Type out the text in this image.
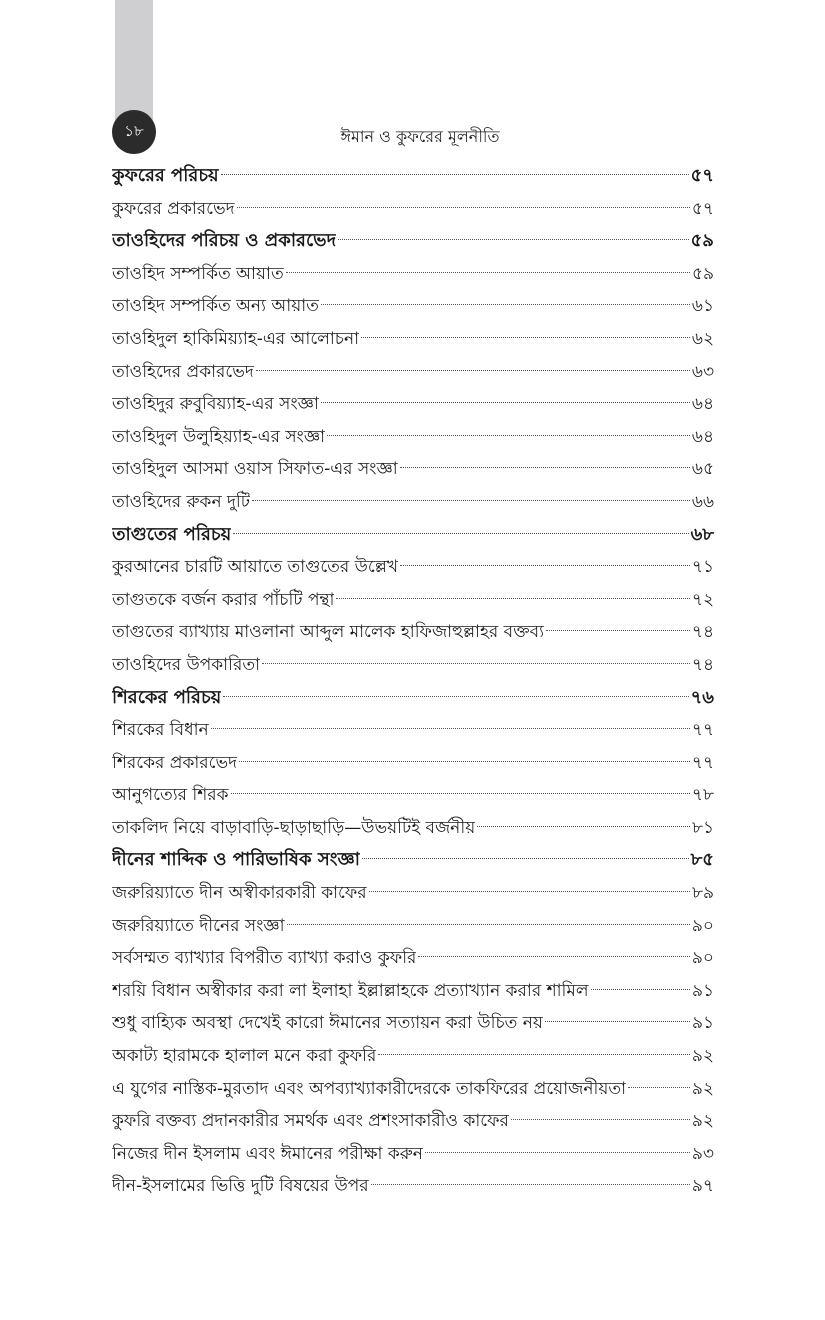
১৮	ঈমান ও কুফরের মূলনীতি
কুফরের পরিচয়	৫৭
কুফরের প্রকারভেদ	৫৭
তাওহিদের পরিচয় ও প্রকারভেদ	৫৯
তাওহিদ সম্পর্কিত আয়াত	৫৯
তাওহিদ সম্পর্কিত অন্য আয়াত	৬১
তাওহিদুল হাকিমিয়্যাহ-এর আলোচনা	৬২
তাওহিদের প্রকারভেদ	৬৩
তাওহিদুর রুবুবিয়্যাহ-এর সংজ্ঞা	৬৪
তাওহিদুল উলুহিয়্যাহ-এর সংজ্ঞা	৬৪
তাওহিদুল আসমা ওয়াস সিফাত-এর সংজ্ঞা	৬৫
তাওহিদের রুকন দুটি	৬৬
তাগুতের পরিচয়	৬৮
কুরআনের চারটি আয়াতে তাগুতের উল্লেখ	৭১
তাগুতকে বর্জন করার পাঁচটি পন্থা	৭২
তাগুতের ব্যাখ্যায় মাওলানা আব্দুল মালেক হাফিজাহুল্লাহর বক্তব্য	৭৪
তাওহিদের উপকারিতা	৭৪
শিরকের পরিচয়	৭৬
শিরকের বিধান	৭৭
শিরকের প্রকারভেদ	৭৭
আনুগত্যের শিরক	৭৮
তাকলিদ নিয়ে বাড়াবাড়ি-ছাড়াছাড়ি—উভয়টিই বর্জনীয়	৮১
দীনের শাব্দিক ও পারিভাষিক সংজ্ঞা	৮৫
জরুরিয়্যাতে দীন অস্বীকারকারী কাফের	৮৯
জরুরিয়্যাতে দীনের সংজ্ঞা	৯০
সর্বসম্মত ব্যাখ্যার বিপরীত ব্যাখ্যা করাও কুফরি	৯০
শরয়ি বিধান অস্বীকার করা লা ইলাহা ইল্লাল্লাহকে প্রত্যাখ্যান করার শামিল	৯১
শুধু বাহ্যিক অবস্থা দেখেই কারো ঈমানের সত্যায়ন করা উচিত নয়	৯১
অকাট্য হারামকে হালাল মনে করা কুফরি	৯২
এ যুগের নাস্তিক-মুরতাদ এবং অপব্যাখ্যাকারীদেরকে তাকফিরের প্রয়োজনীয়তা	৯২
কুফরি বক্তব্য প্রদানকারীর সমর্থক এবং প্রশংসাকারীও কাফের	৯২
নিজের দীন ইসলাম এবং ঈমানের পরীক্ষা করুন	৯৩
দীন-ইসলামের ভিত্তি দুটি বিষয়ের উপর	৯৭
